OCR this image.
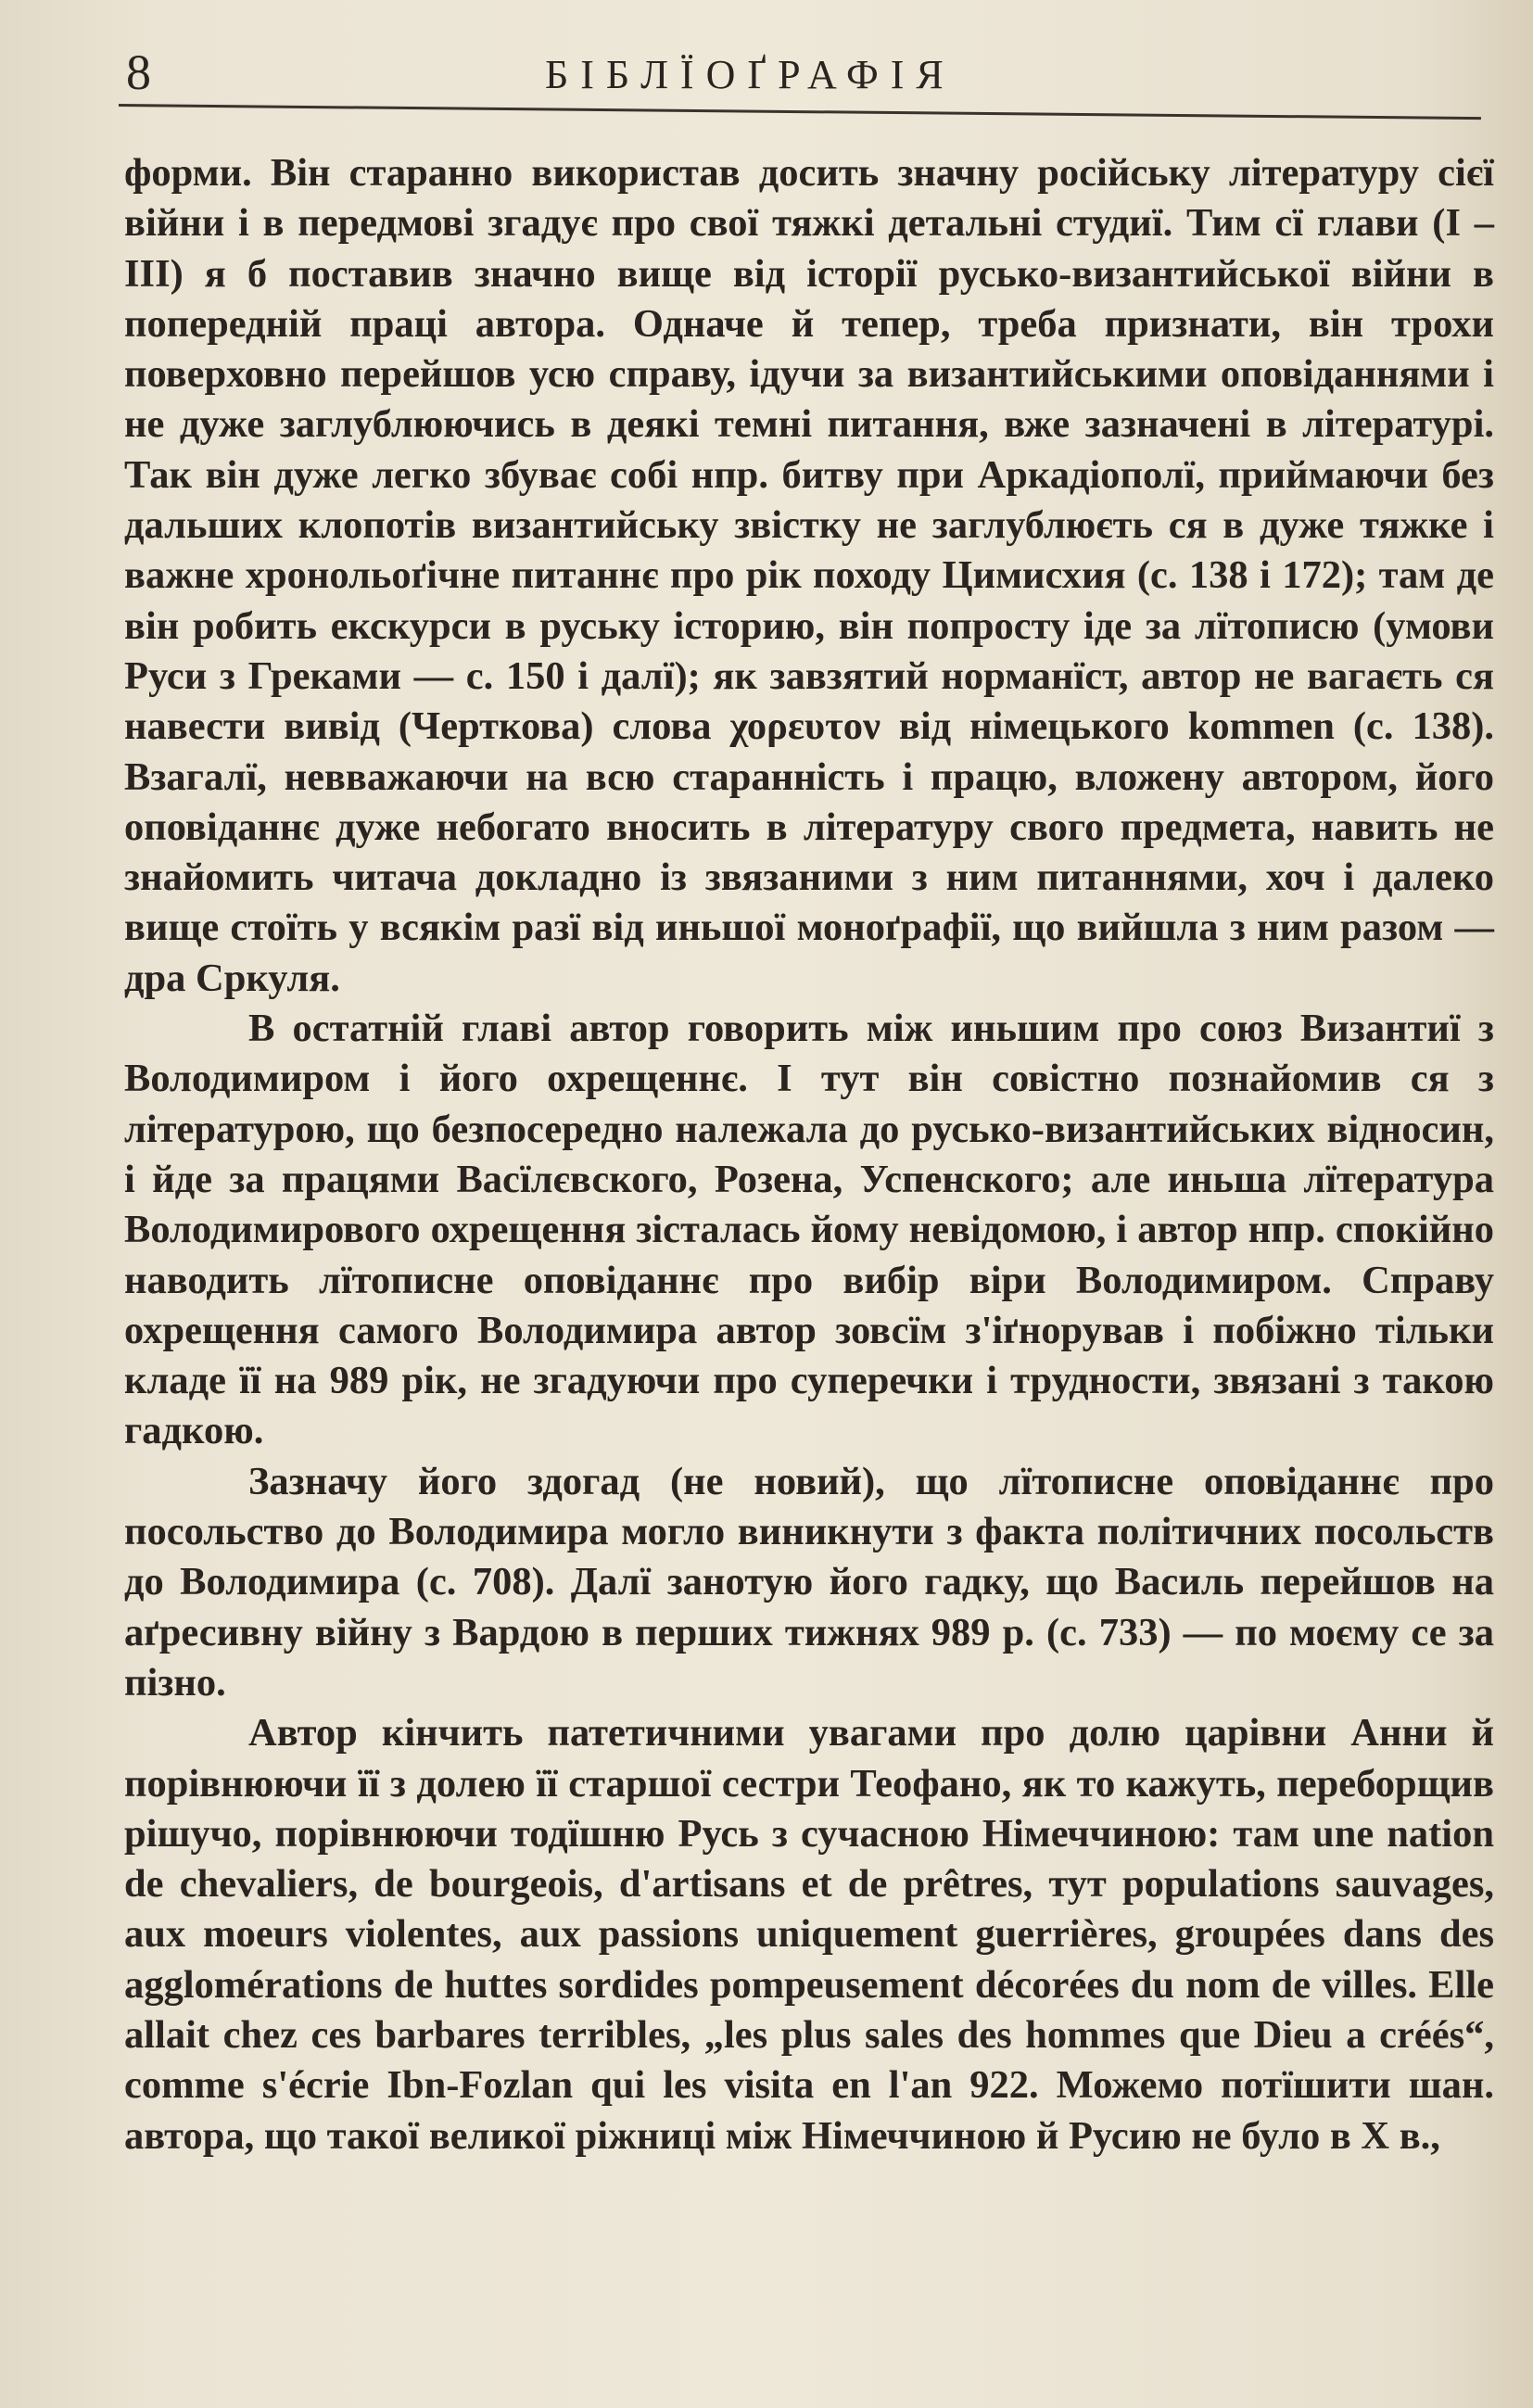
8	БІБЛЇОҐРАФІЯ

форми. Він старанно використав досить значну російську літературу сієї війни і в передмові згадує про свої тяжкі детальні студиї. Тим сї глави (I – III) я б поставив значно вище від історії русько-византийської війни в попередній праці автора. Одначе й тепер, треба признати, він трохи поверховно перейшов усю справу, ідучи за византийськими оповіданнями і не дуже заглублюючись в деякі темні питання, вже зазначені в літературі. Так він дуже легко збуває собі нпр. битву при Аркадіополї, приймаючи без дальших клопотів византийську звістку не заглублюєть ся в дуже тяжке і важне хронольоґічне питаннє про рік походу Цимисхия (с. 138 і 172); там де він робить екскурси в руську історию, він попросту іде за лїтописю (умови Руси з Греками — с. 150 і далї); як завзятий норманїст, автор не вагаєть ся навести вивід (Черткова) слова χορευτον від німецького kommen (с. 138). Взагалї, невважаючи на всю старанність і працю, вложену автором, його оповіданнє дуже небогато вносить в літературу свого предмета, навить не знайомить читача докладно із звязаними з ним питаннями, хоч і далеко вище стоїть у всякім разї від иньшої моноґрафії, що вийшла з ним разом — дра Сркуля.

В остатній главі автор говорить між иньшим про союз Византиї з Володимиром і його охрещеннє. І тут він совістно познайомив ся з літературою, що безпосередно належала до русько-византийських відносин, і йде за працями Васїлєвского, Розена, Успенского; але иньша лїтература Володимирового охрещення зісталась йому невідомою, і автор нпр. спокійно наводить лїтописне оповіданнє про вибір віри Володимиром. Справу охрещення самого Володимира автор зовсїм з'іґнорував і побіжно тільки кладе її на 989 рік, не згадуючи про суперечки і трудности, звязані з такою гадкою.

Зазначу його здогад (не новий), що лїтописне оповіданнє про посольство до Володимира могло виникнути з факта політичних посольств до Володимира (с. 708). Далї занотую його гадку, що Василь перейшов на аґресивну війну з Вардою в перших тижнях 989 р. (с. 733) — по моєму се за пізно.

Автор кінчить патетичними увагами про долю царівни Анни й порівнюючи її з долею її старшої сестри Теофано, як то кажуть, переборщив рішучо, порівнюючи тодїшню Русь з сучасною Німеччиною: там une nation de chevaliers, de bourgeois, d'artisans et de prêtres, тут populations sauvages, aux moeurs violentes, aux passions uniquement guerrières, groupées dans des agglomérations de huttes sordides pompeusement décorées du nom de villes. Elle allait chez ces barbares terribles, „les plus sales des hommes que Dieu a créés“, comme s'écrie Ibn-Fozlan qui les visita en l'an 922. Можемо потїшити шан. автора, що такої великої ріжниці між Німеччиною й Русию не було в X в.,
